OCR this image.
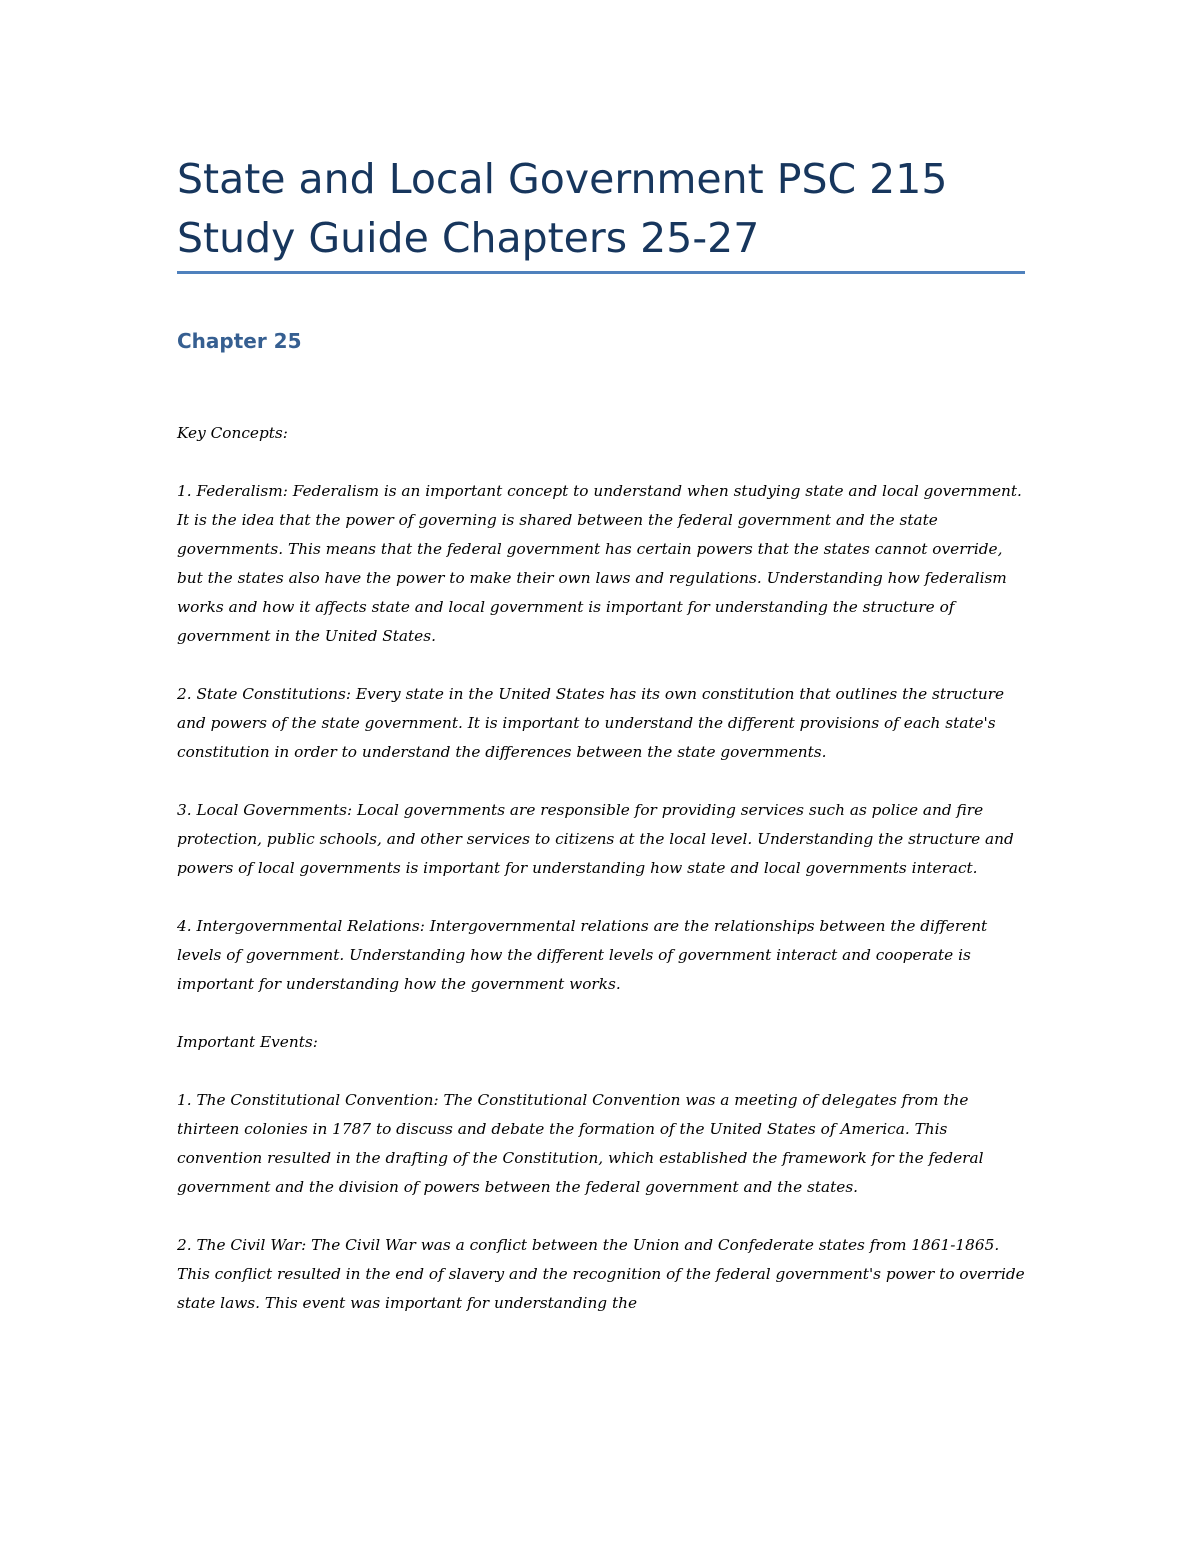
State and Local Government PSC 215
Study Guide Chapters 25-27
Chapter 25

Key Concepts:

1. Federalism: Federalism is an important concept to understand when studying state and local government. It is the idea that the power of governing is shared between the federal government and the state governments. This means that the federal government has certain powers that the states cannot override, but the states also have the power to make their own laws and regulations. Understanding how federalism works and how it affects state and local government is important for understanding the structure of government in the United States.

2. State Constitutions: Every state in the United States has its own constitution that outlines the structure and powers of the state government. It is important to understand the different provisions of each state's constitution in order to understand the differences between the state governments.

3. Local Governments: Local governments are responsible for providing services such as police and fire protection, public schools, and other services to citizens at the local level. Understanding the structure and powers of local governments is important for understanding how state and local governments interact.

4. Intergovernmental Relations: Intergovernmental relations are the relationships between the different levels of government. Understanding how the different levels of government interact and cooperate is important for understanding how the government works.

Important Events:

1. The Constitutional Convention: The Constitutional Convention was a meeting of delegates from the thirteen colonies in 1787 to discuss and debate the formation of the United States of America. This convention resulted in the drafting of the Constitution, which established the framework for the federal government and the division of powers between the federal government and the states.

2. The Civil War: The Civil War was a conflict between the Union and Confederate states from 1861-1865. This conflict resulted in the end of slavery and the recognition of the federal government's power to override state laws. This event was important for understanding the
